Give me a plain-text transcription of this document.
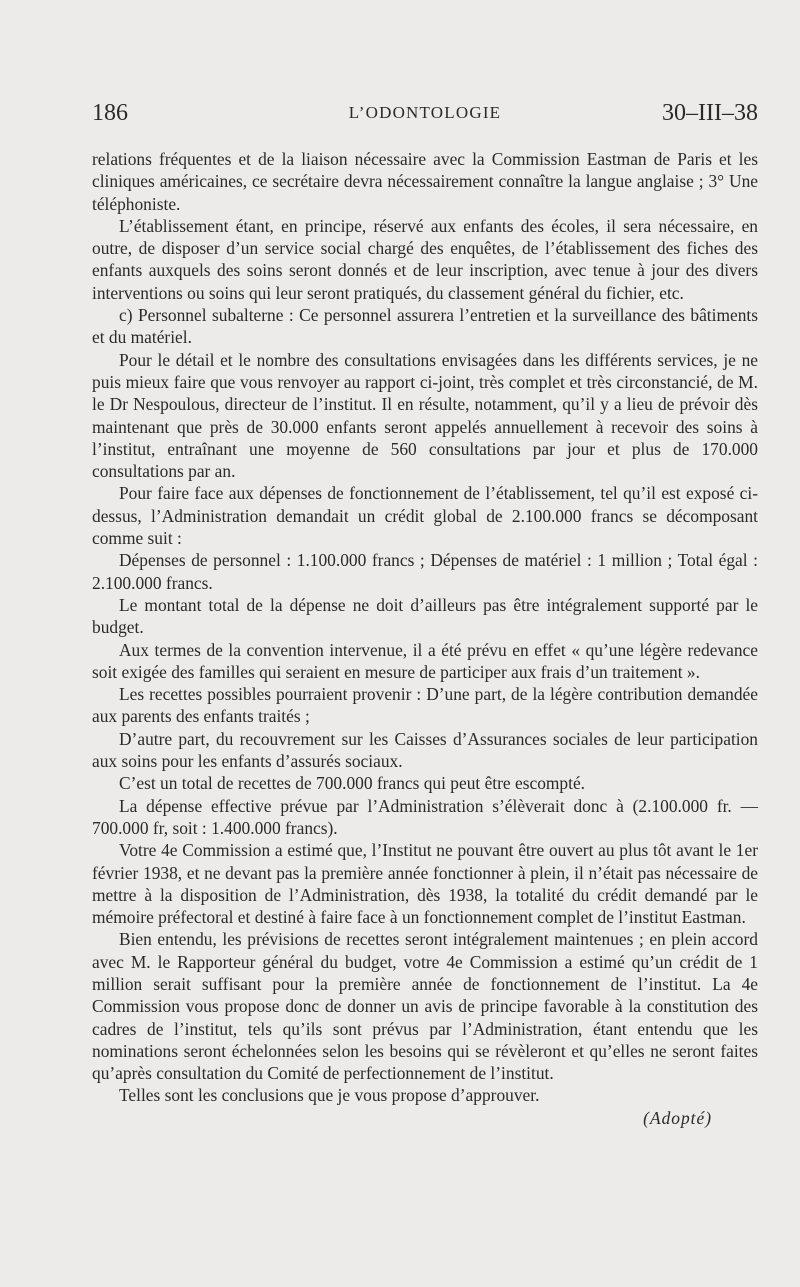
186	L’ODONTOLOGIE	30–III–38

relations fréquentes et de la liaison nécessaire avec la Commission Eastman de Paris et les cliniques américaines, ce secrétaire devra nécessairement connaître la langue anglaise ; 3° Une téléphoniste.

L’établissement étant, en principe, réservé aux enfants des écoles, il sera nécessaire, en outre, de disposer d’un service social chargé des enquêtes, de l’établissement des fiches des enfants auxquels des soins seront donnés et de leur inscription, avec tenue à jour des divers interventions ou soins qui leur seront pratiqués, du classement général du fichier, etc.

c) Personnel subalterne : Ce personnel assurera l’entretien et la surveillance des bâtiments et du matériel.

Pour le détail et le nombre des consultations envisagées dans les différents services, je ne puis mieux faire que vous renvoyer au rapport ci-joint, très complet et très circonstancié, de M. le Dr Nespoulous, directeur de l’institut. Il en résulte, notamment, qu’il y a lieu de prévoir dès maintenant que près de 30.000 enfants seront appelés annuellement à recevoir des soins à l’institut, entraînant une moyenne de 560 consultations par jour et plus de 170.000 consultations par an.

Pour faire face aux dépenses de fonctionnement de l’établissement, tel qu’il est exposé ci-dessus, l’Administration demandait un crédit global de 2.100.000 francs se décomposant comme suit :

Dépenses de personnel : 1.100.000 francs ; Dépenses de matériel : 1 million ; Total égal : 2.100.000 francs.

Le montant total de la dépense ne doit d’ailleurs pas être intégralement supporté par le budget.

Aux termes de la convention intervenue, il a été prévu en effet « qu’une légère redevance soit exigée des familles qui seraient en mesure de participer aux frais d’un traitement ».

Les recettes possibles pourraient provenir : D’une part, de la légère contribution demandée aux parents des enfants traités ;

D’autre part, du recouvrement sur les Caisses d’Assurances sociales de leur participation aux soins pour les enfants d’assurés sociaux.

C’est un total de recettes de 700.000 francs qui peut être escompté.

La dépense effective prévue par l’Administration s’élèverait donc à (2.100.000 fr. — 700.000 fr, soit : 1.400.000 francs).

Votre 4e Commission a estimé que, l’Institut ne pouvant être ouvert au plus tôt avant le 1er février 1938, et ne devant pas la première année fonctionner à plein, il n’était pas nécessaire de mettre à la disposition de l’Administration, dès 1938, la totalité du crédit demandé par le mémoire préfectoral et destiné à faire face à un fonctionnement complet de l’institut Eastman.

Bien entendu, les prévisions de recettes seront intégralement maintenues ; en plein accord avec M. le Rapporteur général du budget, votre 4e Commission a estimé qu’un crédit de 1 million serait suffisant pour la première année de fonctionnement de l’institut. La 4e Commission vous propose donc de donner un avis de principe favorable à la constitution des cadres de l’institut, tels qu’ils sont prévus par l’Administration, étant entendu que les nominations seront échelonnées selon les besoins qui se révèleront et qu’elles ne seront faites qu’après consultation du Comité de perfectionnement de l’institut.

Telles sont les conclusions que je vous propose d’approuver.

(Adopté)
